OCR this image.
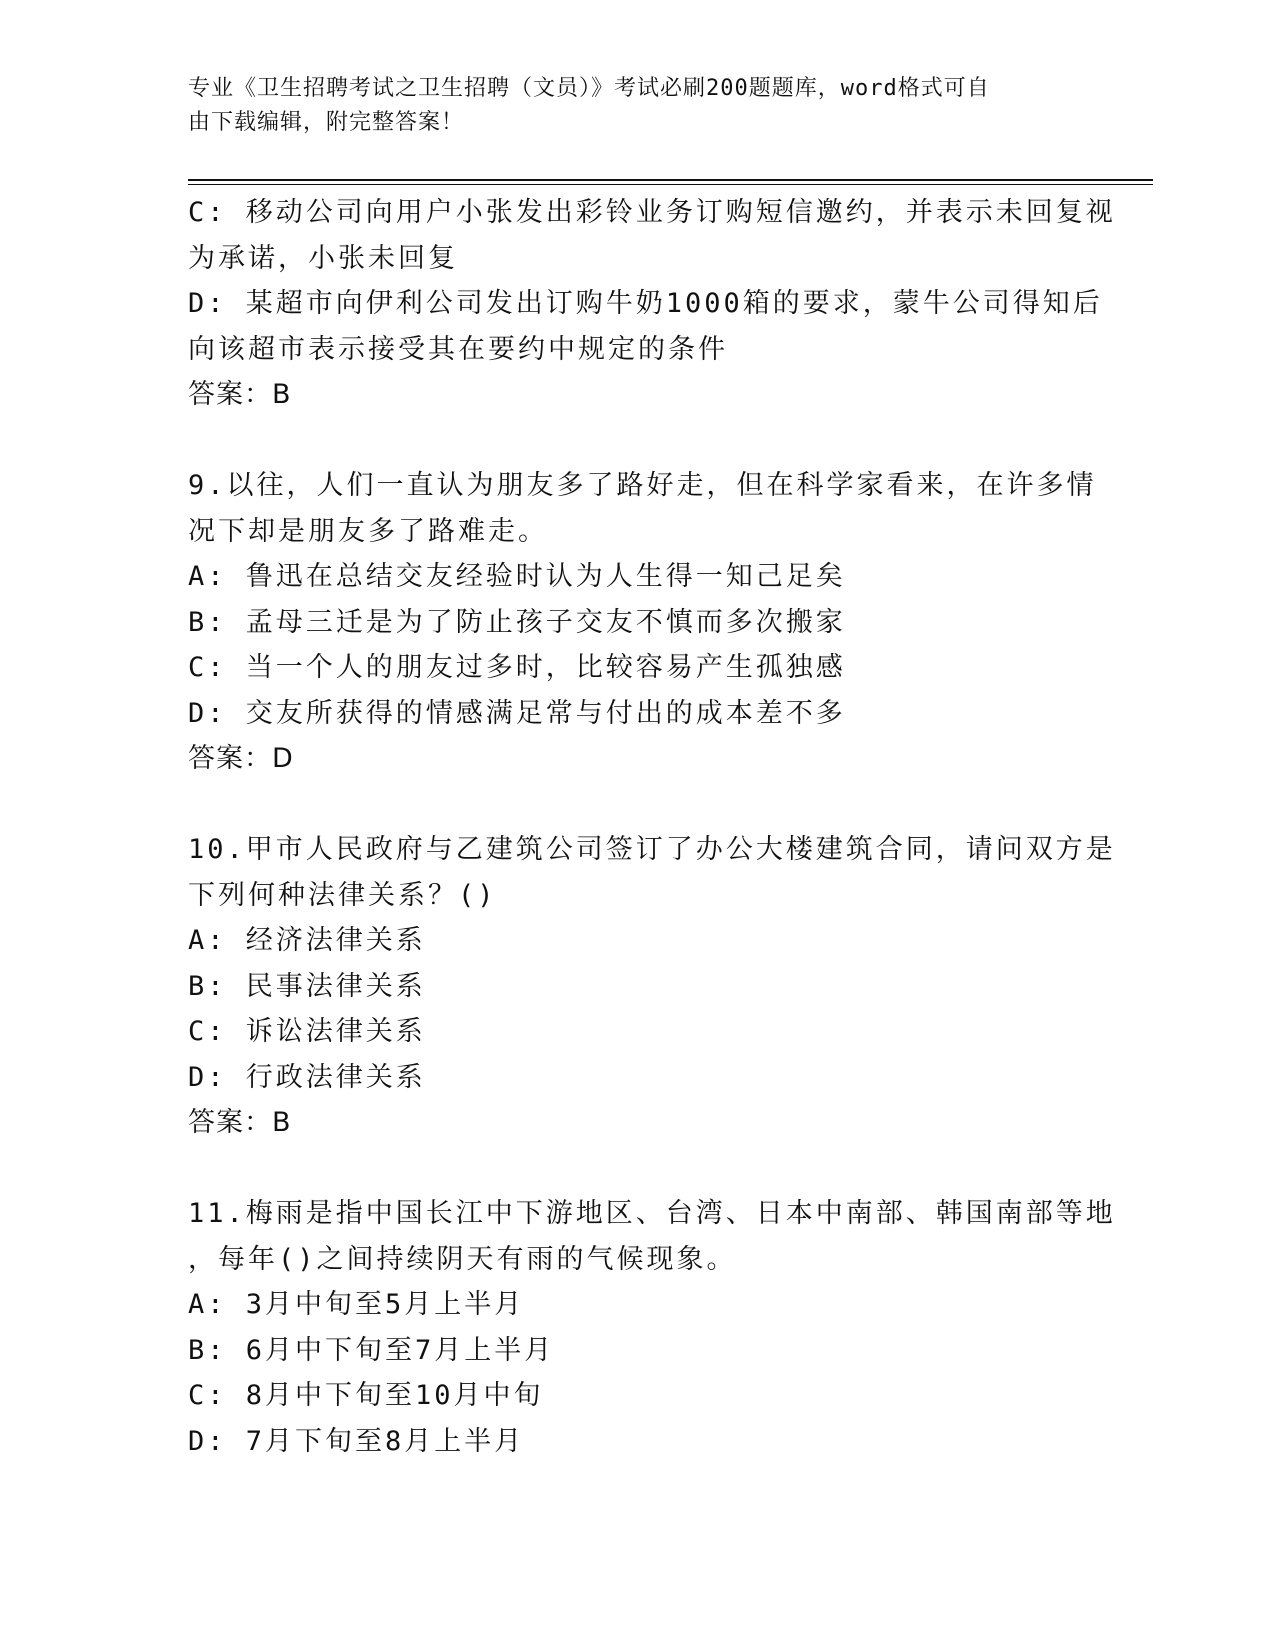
专业《卫生招聘考试之卫生招聘（文员）》考试必刷200题题库，word格式可自
由下载编辑，附完整答案！
C: 移动公司向用户小张发出彩铃业务订购短信邀约，并表示未回复视
为承诺，小张未回复
D: 某超市向伊利公司发出订购牛奶1000箱的要求，蒙牛公司得知后
向该超市表示接受其在要约中规定的条件
答案：B
9.以往，人们一直认为朋友多了路好走，但在科学家看来，在许多情
况下却是朋友多了路难走。
A: 鲁迅在总结交友经验时认为人生得一知己足矣
B: 孟母三迁是为了防止孩子交友不慎而多次搬家
C: 当一个人的朋友过多时，比较容易产生孤独感
D: 交友所获得的情感满足常与付出的成本差不多
答案：D
10.甲市人民政府与乙建筑公司签订了办公大楼建筑合同，请问双方是
下列何种法律关系？()
A: 经济法律关系
B: 民事法律关系
C: 诉讼法律关系
D: 行政法律关系
答案：B
11.梅雨是指中国长江中下游地区、台湾、日本中南部、韩国南部等地
，每年()之间持续阴天有雨的气候现象。
A: 3月中旬至5月上半月
B: 6月中下旬至7月上半月
C: 8月中下旬至10月中旬
D: 7月下旬至8月上半月
